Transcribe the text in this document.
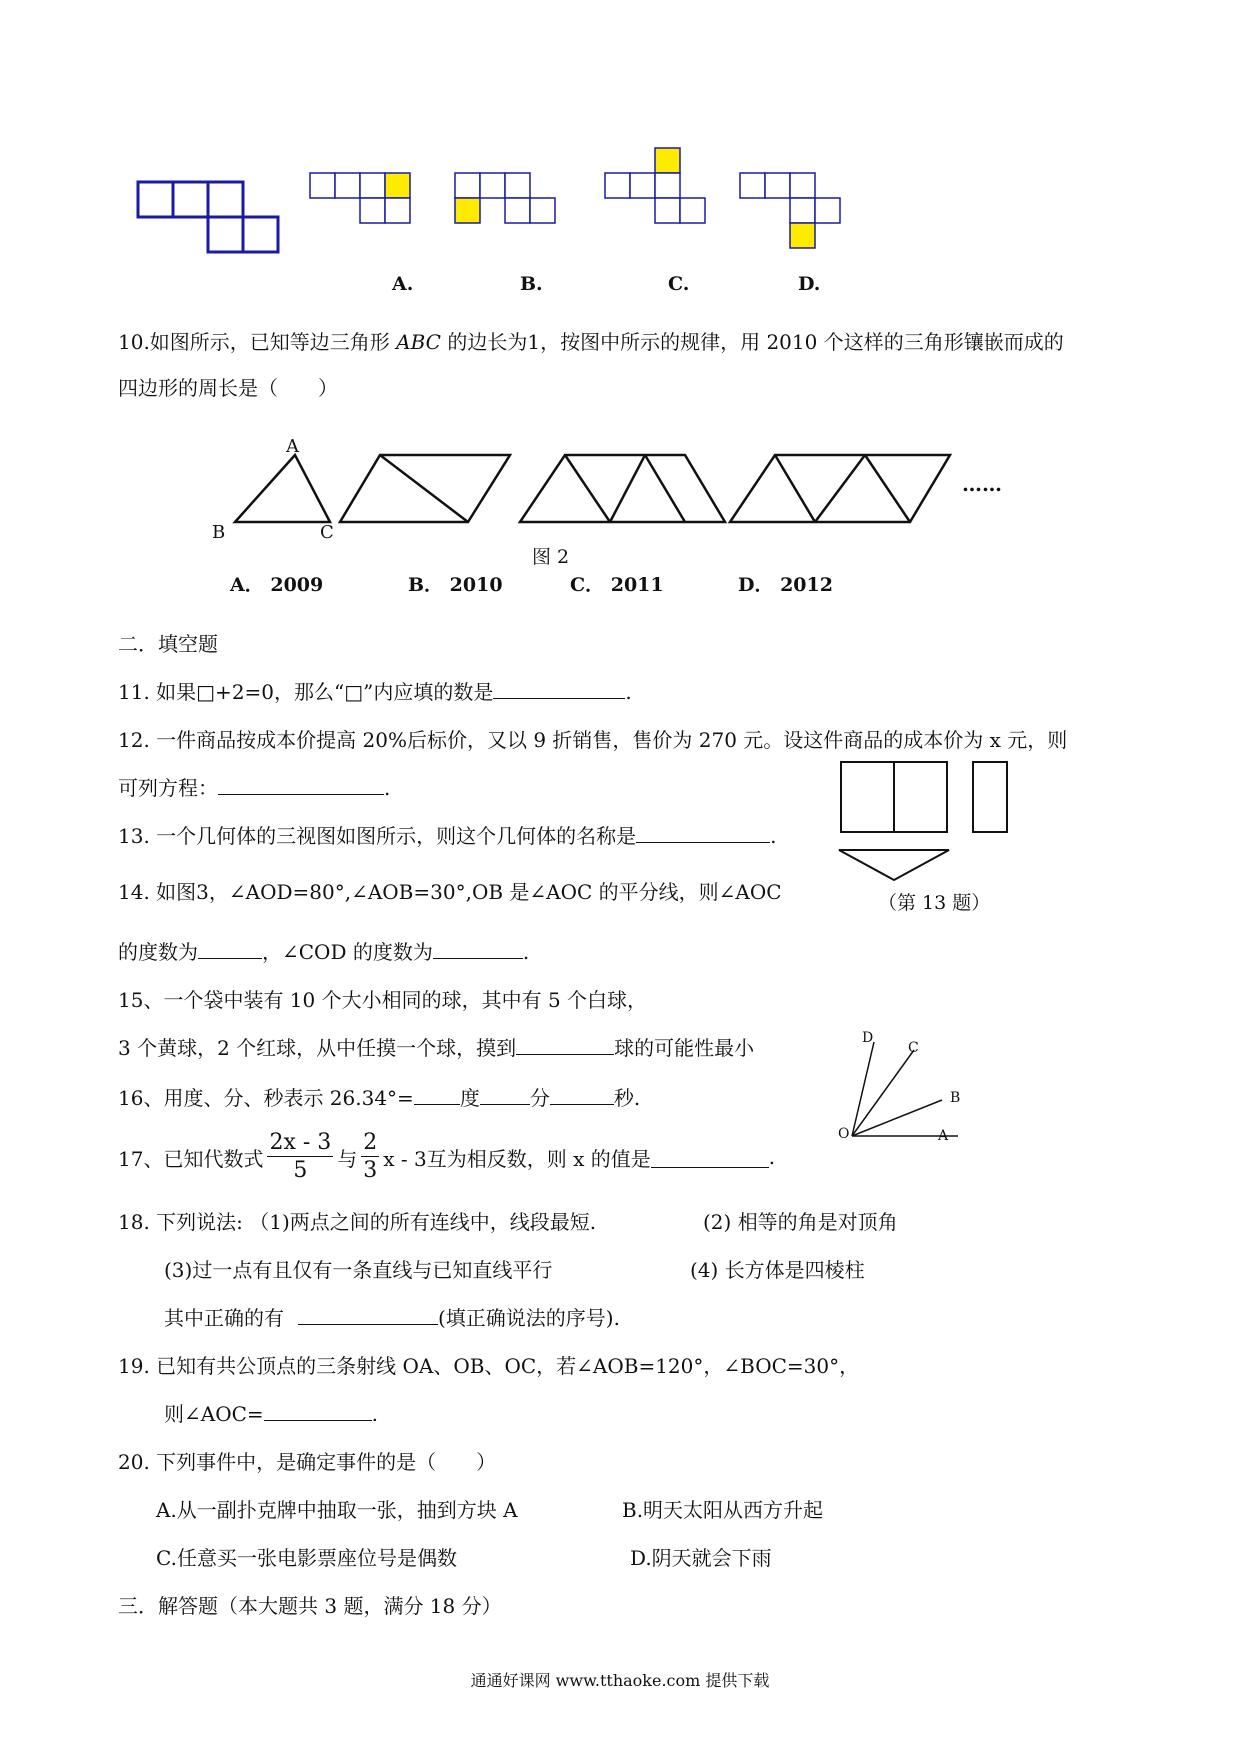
A.	B.	C.	D.
10.如图所示，已知等边三角形 ABC 的边长为1，按图中所示的规律，用 2010 个这样的三角形镶嵌而成的
四边形的周长是（　　）
A
B	C
……
图 2
A． 2009	B． 2010	C． 2011	D． 2012
二．填空题
11. 如果□+2=0，那么“□”内应填的数是	.
12. 一件商品按成本价提高 20%后标价，又以 9 折销售，售价为 270 元。设这件商品的成本价为 x 元，则
可列方程：	.
13. 一个几何体的三视图如图所示，则这个几何体的名称是	.
（第 13 题）
14. 如图3，∠AOD=80°,∠AOB=30°,OB 是∠AOC 的平分线，则∠AOC
的度数为	，∠COD 的度数为	.
15、一个袋中装有 10 个大小相同的球，其中有 5 个白球，
3 个黄球，2 个红球，从中任摸一个球，摸到	球的可能性最小	D
C
B
O	A
16、用度、分、秒表示 26.34°= 度	分	秒.
17、已知代数式 $\frac{2x - 3}{5}$ 与 $\frac{2}{3}$ x - 3互为相反数，则 x 的值是	.
18. 下列说法: （1)两点之间的所有连线中，线段最短.	(2) 相等的角是对顶角
(3)过一点有且仅有一条直线与已知直线平行	(4) 长方体是四棱柱
其中正确的有	(填正确说法的序号).
19. 已知有共公顶点的三条射线 OA、OB、OC，若∠AOB=120°，∠BOC=30°，
则∠AOC=	.
20. 下列事件中，是确定事件的是（　　）
A.从一副扑克牌中抽取一张，抽到方块 A	B.明天太阳从西方升起
C.任意买一张电影票座位号是偶数	D.阴天就会下雨
三．解答题（本大题共 3 题，满分 18 分）
通通好课网 www.tthaoke.com 提供下载
